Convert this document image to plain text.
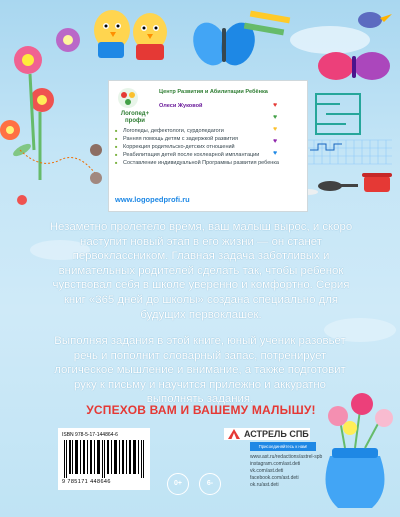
Логопед+ профи
Центр Развития и Абилитации Ребёнка
Олеси Жуковой
■ Логопеды, дефектологи, сурдопедагоги
■ Ранняя помощь детям с задержкой развития
■ Коррекция родительско-детских отношений
■ Реабилитация детей после кохлеарной имплантации
■ Составление индивидуальной Программы развития ребенка
♥
♥
♥
♥
♥
www.logopedprofi.ru

Незаметно пролетело время, ваш малыш вырос, и скоро наступит новый этап в его жизни — он станет первоклассником. Главная задача заботливых и внимательных родителей сделать так, чтобы ребенок чувствовал себя в школе уверенно и комфортно. Серия книг «365 дней до школы» создана специально для будущих первоклашек.

Выполняя задания в этой книге, юный ученик разовьет речь и пополнит словарный запас, потренирует логическое мышление и внимание, а также подготовит руку к письму и научится прилежно и аккуратно выполнять задания.

УСПЕХОВ ВАМ И ВАШЕМУ МАЛЫШУ!

ISBN 978-5-17-144864-6
9 785171 448646	0+	6-
АСТРЕЛЬ СПБ
Присоединяйтесь к нам!
www.ast.ru/redactions/astrel-spb
instagram.com/ast.deti
vk.com/ast.deti
facebook.com/ast.deti
ok.ru/ast.deti
